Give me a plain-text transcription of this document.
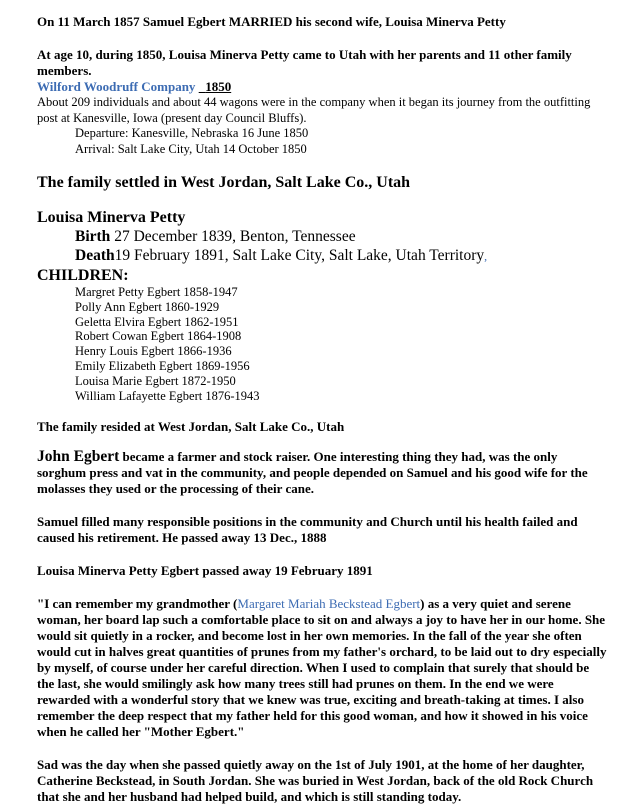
On 11 March 1857 Samuel Egbert MARRIED his second wife, Louisa Minerva Petty

At age 10, during 1850, Louisa Minerva Petty came to Utah with her parents and 11 other family members.

Wilford Woodruff Company 1850

About 209 individuals and about 44 wagons were in the company when it began its journey from the outfitting post at Kanesville, Iowa (present day Council Bluffs).

Departure: Kanesville, Nebraska 16 June 1850

Arrival: Salt Lake City, Utah 14 October 1850

The family settled in West Jordan, Salt Lake Co., Utah

Louisa Minerva Petty

Birth 27 December 1839, Benton, Tennessee

Death19 February 1891, Salt Lake City, Salt Lake, Utah Territory,

CHILDREN:

Margret Petty Egbert 1858-1947

Polly Ann Egbert 1860-1929

Geletta Elvira Egbert 1862-1951

Robert Cowan Egbert 1864-1908

Henry Louis Egbert 1866-1936

Emily Elizabeth Egbert 1869-1956

Louisa Marie Egbert 1872-1950

William Lafayette Egbert 1876-1943

The family resided at West Jordan, Salt Lake Co., Utah

John Egbert became a farmer and stock raiser. One interesting thing they had, was the only sorghum press and vat in the community, and people depended on Samuel and his good wife for the molasses they used or the processing of their cane.

Samuel filled many responsible positions in the community and Church until his health failed and caused his retirement. He passed away 13 Dec., 1888

Louisa Minerva Petty Egbert passed away 19 February 1891

"I can remember my grandmother (Margaret Mariah Beckstead Egbert) as a very quiet and serene woman, her board lap such a comfortable place to sit on and always a joy to have her in our home. She would sit quietly in a rocker, and become lost in her own memories. In the fall of the year she often would cut in halves great quantities of prunes from my father's orchard, to be laid out to dry especially by myself, of course under her careful direction. When I used to complain that surely that should be the last, she would smilingly ask how many trees still had prunes on them. In the end we were rewarded with a wonderful story that we knew was true, exciting and breath-taking at times. I also remember the deep respect that my father held for this good woman, and how it showed in his voice when he called her "Mother Egbert."

Sad was the day when she passed quietly away on the 1st of July 1901, at the home of her daughter, Catherine Beckstead, in South Jordan. She was buried in West Jordan, back of the old Rock Church that she and her husband had helped build, and which is still standing today.
